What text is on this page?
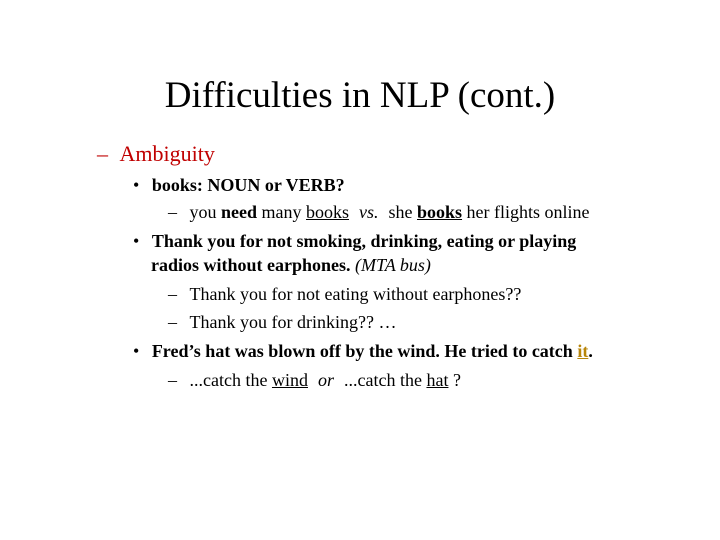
Difficulties in NLP (cont.)
– Ambiguity
• books: NOUN or VERB?
– you need many books vs. she books her flights online
• Thank you for not smoking, drinking, eating or playing
radios without earphones. (MTA bus)
– Thank you for not eating without earphones??
– Thank you for drinking?? …
• Fred’s hat was blown off by the wind. He tried to catch it.
– ...catch the wind or ...catch the hat ?
